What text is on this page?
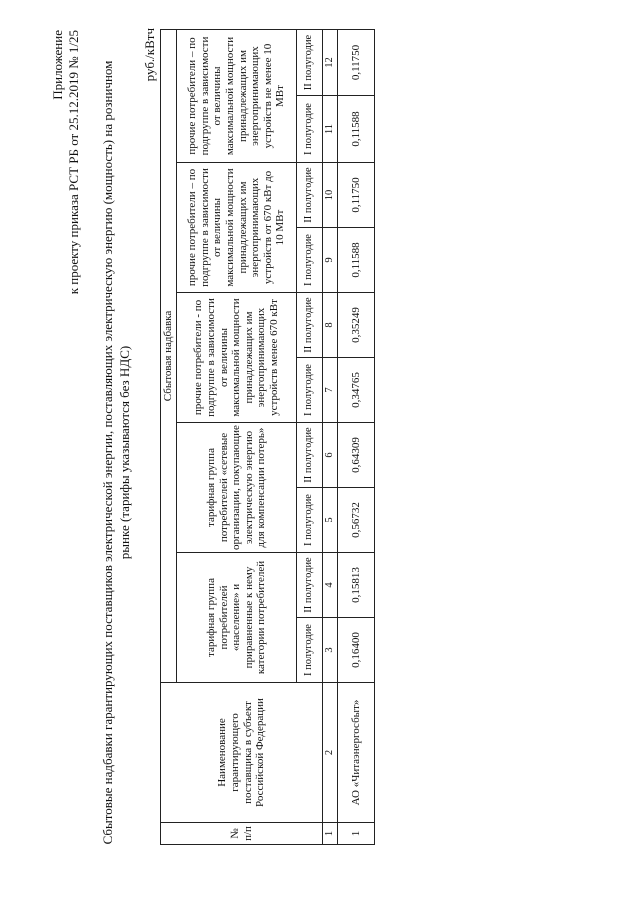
Приложение к проекту приказа РСТ РБ от 25.12.2019 № 1/25 Сбытовые надбавки гарантирующих поставщиков электрической энергии, поставляющих электрическую энергию (мощность) на розничном рынке (тарифы указываются без НДС)
руб./кВтч
№ п/п	Наименование гарантирующего поставщика в субъект Российской Федерации	Сбытовая надбавка									
		тарифная группа потребителей «население» и приравненные к нему категории потребителей		тарифная группа потребителей «сетевые организации, покупающие электрическую энергию для компенсации потерь»		прочие потребители - по подгруппе в зависимости от величины максимальной мощности принадлежащих им энергопринимающих устройств менее 670 кВт		прочие потребители – по подгруппе в зависимости от величины максимальной мощности принадлежащих им энергопринимающих устройств от 670 кВт до 10 МВт		прочие потребители – по подгруппе в зависимости от величины максимальной мощности принадлежащих им энергопринимающих устройств не менее 10 МВт	
		I полугодие	II полугодие	I полугодие	II полугодие	I полугодие	II полугодие	I полугодие	II полугодие	I полугодие	II полугодие
1	2	3	4	5	6	7	8	9	10	11	12
1	АО «Читаэнергосбыт»	0,16400	0,15813	0,56732	0,64309	0,34765	0,35249	0,11588	0,11750	0,11588	0,11750
